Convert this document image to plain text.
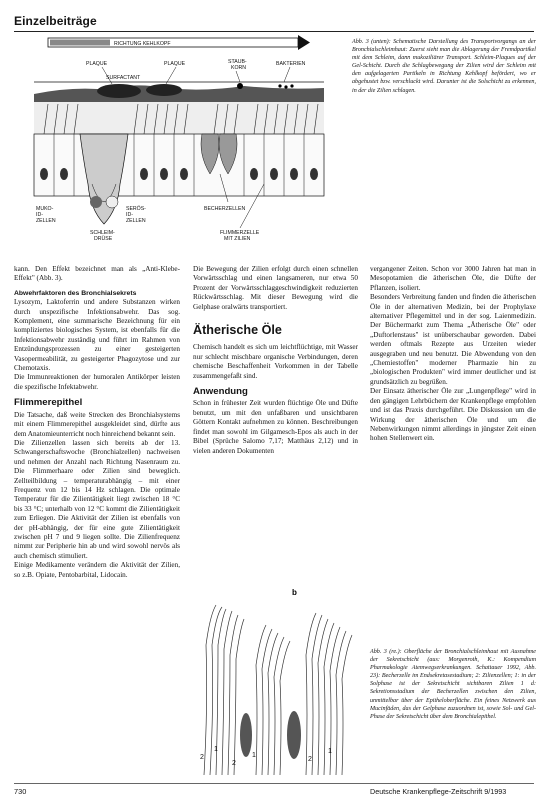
Einzelbeiträge
RICHTUNG KEHLKOPF
PLAQUE	PLAQUE	STAUB-
KORN
BAKTERIEN
SURFACTANT
MUKO-
ID-
ZELLEN
SERÖS-
ID-
ZELLEN
BECHERZELLEN
SCHLEIM-
DRÜSE
FLIMMERZELLE
MIT ZILIEN
Abb. 3 (unten): Schematische Darstellung des Transportvorgangs an der Bronchialschleimhaut: Zuerst sieht man die Ablagerung der Fremdpartikel mit dem Schleim, dann mukoziliärer Transport. Schleim-Plaques auf der Gel-Schicht. Durch die Schlagbewegung der Zilien wird der Schleim mit den aufgelagerten Partikeln in Richtung Kehlkopf befördert, wo er abgehustet bzw. verschluckt wird. Darunter ist die Solschicht zu erkennen, in der die Zilien schlagen.

kann. Den Effekt bezeichnet man als „Anti-Klebe-Effekt" (Abb. 3).

Abwehrfaktoren des Bronchialsekrets

Lysozym, Laktoferrin und andere Substanzen wirken durch unspezifische Infektionsabwehr. Das sog. Komplement, eine summarische Bezeichnung für ein kompliziertes biologisches System, ist ebenfalls für die Infektionsabwehr zuständig und führt im Rahmen von Entzündungsprozessen zu einer gesteigerten Vasopermeabilität, zu gesteigerter Phagozytose und zur Chemotaxis.

Die Immunreaktionen der humoralen Antikörper leisten die spezifische Infektabwehr.

Flimmerepithel

Die Tatsache, daß weite Strecken des Bronchialsystems mit einem Flimmerepithel ausgekleidet sind, dürfte aus dem Anatomieunterricht noch hinreichend bekannt sein.

Die Zilienzellen lassen sich bereits ab der 13. Schwangerschaftswoche (Bronchialzellen) nachweisen und nehmen der Anzahl nach Richtung Nasenraum zu. Die Flimmerhaare oder Zilien sind beweglich. Zellteilbildung – temperaturabhängig – mit einer Frequenz von 12 bis 14 Hz schlagen. Die optimale Temperatur für die Zilientätigkeit liegt zwischen 18 °C bis 33 °C; unterhalb von 12 °C kommt die Zilientätigkeit zum Erliegen. Die Aktivität der Zilien ist ebenfalls von der pH-abhängig, der für eine gute Zilientätigkeit zwischen pH 7 und 9 liegen sollte. Die Zilienfrequenz nimmt zur Peripherie hin ab und wird sowohl nervös als auch chemisch stimuliert.

Einige Medikamente verändern die Aktivität der Zilien, so z.B. Opiate, Pentobarbital, Lidocain.

Die Bewegung der Zilien erfolgt durch einen schnellen Vorwärtsschlag und einen langsameren, nur etwa 50 Prozent der Vorwärtsschlaggeschwindigkeit reduzierten Rückwärtsschlag. Mit dieser Bewegung wird die Gelphase oralwärts transportiert.

Ätherische Öle

Chemisch handelt es sich um leichtflüchtige, mit Wasser nur schlecht mischbare organische Verbindungen, deren chemische Beschaffenheit Vorkommen in der Tabelle zusammengefaßt sind.

Anwendung

Schon in frühester Zeit wurden flüchtige Öle und Düfte benutzt, um mit den unfaßbaren und unsichtbaren Göttern Kontakt aufnehmen zu können. Beschreibungen findet man sowohl im Gilgamesch-Epos als auch in der Bibel (Sprüche Salomo 7,17; Matthäus 2,12) und in vielen anderen Dokumenten

vergangener Zeiten. Schon vor 3000 Jahren hat man in Mesopotamien die ätherischen Öle, die Düfte der Pflanzen, isoliert.

Besonders Verbreitung fanden und finden die ätherischen Öle in der alternativen Medizin, bei der Prophylaxe alternativer Pflegemittel und in der sog. Laienmedizin. Der Büchermarkt zum Thema „Ätherische Öle" oder „Duftorlenstaus" ist unüberschaubar geworden. Dabei werden oftmals Rezepte aus Urzeiten wieder ausgegraben und neu benutzt. Die Abwendung von den „Chemiestoffen" moderner Pharmazie hin zu „biologischen Produkten" wird immer deutlicher und ist grundsätzlich zu begrüßen.

Der Einsatz ätherischer Öle zur „Lungenpflege" wird in den gängigen Lehrbüchern der Krankenpflege empfohlen und ist das Praxis durchgeführt. Die Diskussion um die Wirkung der ätherischen Öle und um die Nebenwirkungen nimmt allerdings in jüngster Zeit einen hohen Stellenwert ein.

b
2
1
2
1
2
1
Abb. 3 (re.): Oberfläche der Bronchialschleimhaut mit Ausnahme der Sekretschicht (aus: Morgenroth, K.: Kompendium Pharmakologie Atemwegserkrankungen. Schattauer 1992, Abb. 23): Becherzelle im Endsekretasestadium; 2: Zilienzellen; 1: in der Solphase ist der Sekretschicht sichtbaren Zilien 1 d: Sekretionsstadium der Becherzellen zwischen den Zilien, unmittelbar über der Epitheloberfläche. Ein feines Netzwerk aus Mucinfäden, das der Gelphase zuzuordnen ist, sowie Sol- und Gel-Phase der Sekretschicht über dem Bronchialepithel.
730	Deutsche Krankenpflege-Zeitschrift 9/1993
